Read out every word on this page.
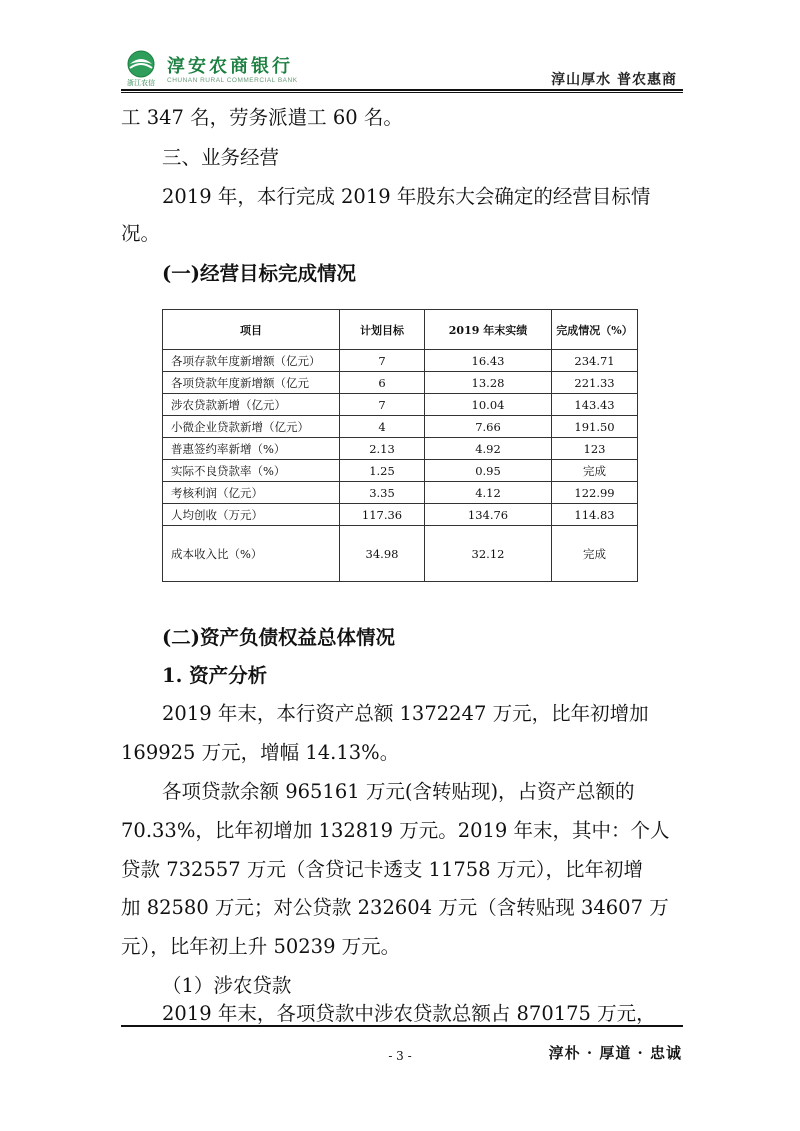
浙江农信
淳安农商银行
CHUNAN RURAL COMMERCIAL BANK	淳山厚水 普农惠商
工 347 名，劳务派遣工 60 名。
三、业务经营
2019 年，本行完成 2019 年股东大会确定的经营目标情
况。
(一)经营目标完成情况
项目	计划目标	2019 年末实绩	完成情况（%）
各项存款年度新增额（亿元）	7	16.43	234.71
各项贷款年度新增额（亿元	6	13.28	221.33
涉农贷款新增（亿元）	7	10.04	143.43
小微企业贷款新增（亿元）	4	7.66	191.50
普惠签约率新增（%）	2.13	4.92	123
实际不良贷款率（%）	1.25	0.95	完成
考核利润（亿元）	3.35	4.12	122.99
人均创收（万元）	117.36	134.76	114.83
成本收入比（%）	34.98	32.12	完成
(二)资产负债权益总体情况
1. 资产分析
2019 年末，本行资产总额 1372247 万元，比年初增加
169925 万元，增幅 14.13%。
各项贷款余额 965161 万元(含转贴现)，占资产总额的
70.33%，比年初增加 132819 万元。2019 年末，其中：个人
贷款 732557 万元（含贷记卡透支 11758 万元），比年初增
加 82580 万元；对公贷款 232604 万元（含转贴现 34607 万
元），比年初上升 50239 万元。
（1）涉农贷款
2019 年末，各项贷款中涉农贷款总额占 870175 万元，
- 3 -	淳朴 · 厚道 · 忠诚
